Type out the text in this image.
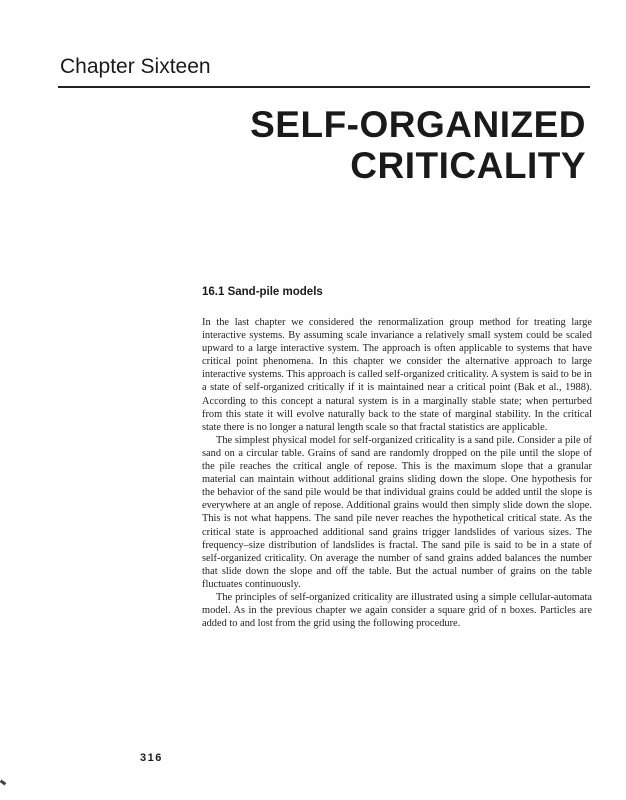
Chapter Sixteen
SELF-ORGANIZED
CRITICALITY
16.1 Sand-pile models

In the last chapter we considered the renormalization group method for treating large interactive systems. By assuming scale invariance a relatively small system could be scaled upward to a large interactive system. The approach is often applicable to systems that have critical point phenomena. In this chapter we consider the alternative approach to large interactive systems. This approach is called self-organized criticality. A system is said to be in a state of self-organized critically if it is maintained near a critical point (Bak et al., 1988). According to this concept a natural system is in a marginally stable state; when perturbed from this state it will evolve naturally back to the state of marginal stability. In the critical state there is no longer a natural length scale so that fractal statistics are applicable.

The simplest physical model for self-organized criticality is a sand pile. Consider a pile of sand on a circular table. Grains of sand are randomly dropped on the pile until the slope of the pile reaches the critical angle of repose. This is the maximum slope that a granular material can maintain without additional grains sliding down the slope. One hypothesis for the behavior of the sand pile would be that individual grains could be added until the slope is everywhere at an angle of repose. Additional grains would then simply slide down the slope. This is not what happens. The sand pile never reaches the hypothetical critical state. As the critical state is approached additional sand grains trigger landslides of various sizes. The frequency–size distribution of landslides is fractal. The sand pile is said to be in a state of self-organized criticality. On average the number of sand grains added balances the number that slide down the slope and off the table. But the actual number of grains on the table fluctuates continuously.

The principles of self-organized criticality are illustrated using a simple cellular-automata model. As in the previous chapter we again consider a square grid of n boxes. Particles are added to and lost from the grid using the following procedure.

316
